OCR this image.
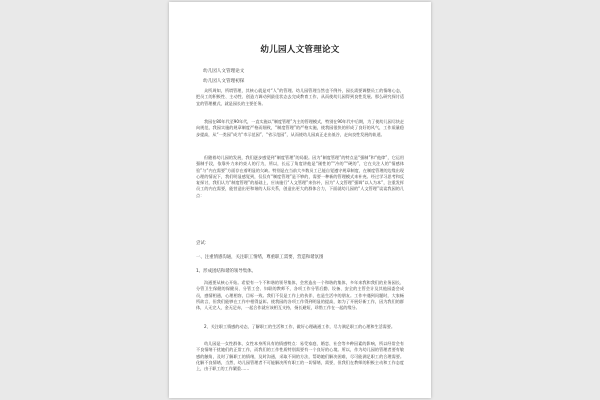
幼儿园人文管理论文
幼儿园人文管理论文
幼儿园人文管理初探
众所周知，所谓管理，其核心就是对“人”的管理。幼儿园管理当然也不例外，园长需要调整员工的情绪心态，把员工的积极性、主动性、创造力调动到最佳状态去完成教育工作，从而使幼儿园得到良性发展。那么研究探讨适宜的管理模式，就是园长的主要任务。
我园在80年代至90年代，一直实施以“制度管理”为主的管理模式，特别在90年代中后期，为了使幼儿园尽快走向规范，我园实施的规章制度严格而细致，“制度管理”的严格实施，使我园很快的形成了良好的风气，工作质量稳步提高，从“一类园”成为“市示范园”、“省示范园”，从而使幼儿园真正走出低谷，走向良性发展的轨道。
但随着幼儿园的发展，我们逐步感觉到“制度管理”的局限。因为“制度管理”的特点是“强制”和“他律”，它运用强制手段，依靠外力来约束人的行为，所以，长远了角度讲他是“刚性的”“冷的”“硬的”，它在关注人的“情感体验”与“内在需要”方面存在着明显的欠缺。特别是在当前大多数员工已能自觉遵守规章制度，在制度管理的边缘出现心理的情况下，我们明显感觉到，仅仅有“制度管理”是不够的，需要一种新的管理模式来补充。经过学习思考和反复探讨，我们认为“制度管理”的基础上，应该施行“人文管理”来弥补，因为“人文管理”强调“以人为本”，注重发挥员工的内在需要，能营造出更和谐的人际关系，创造出更大的群体合力，下面就幼儿园的“人文管理”谈谈我园的几点：
尝试：
一、注重情感沟通，关注职工情绪，尊重职工需要，营造和谐氛围
1、形成团结和谐的领导集体。
沟通要从核心开始。希望有一个不和谐的领导集体，会营造出一个和谐的集体，多年来我和我们的业务园长、分管卫生保健的保健员、分管工会、妇联的教师不，各项工作分管后勤、设备、安全的主管会计及其他园委会成员，感情相通，心理相容，目标一致。我们不仅是工作上的伙伴，也是生活中的朋友。工作中遇到问题时，大家畅所欲言，但我们能够在工作中相得益彰。使我园的各项工作得到明显的提高，如为了开展好新工作，因为我们的群体，人无完人，金无足赤，一起合作就应该相互支持，扬长避短，珍惜工作在一起的缘分。
2、关注职工情感的动态，了解职工的生活和工作，做好心理疏通工作，尽力满足职工的心理和生活需要。
幼儿园是一女性群体，女性本身所具有的情感特点：易受家庭、婚恋、社会等多种因素的影响，所以经常会有不良情绪干扰她们的正常工作，而我们的工作性质特别需要有一个良好的心境。所以，作为幼儿园的管理者要有敏感的触角，及时了解职工的情绪，及时沟通，采取不同的方法，帮助她们解决困难，尽可能满足职工的合理需要。化解不良情绪，当然，幼儿园管理者不可能解决所有职工的一切情绪，需要，但我们在教师的积极主动和工作态度上，由于职工的工作繁重……
